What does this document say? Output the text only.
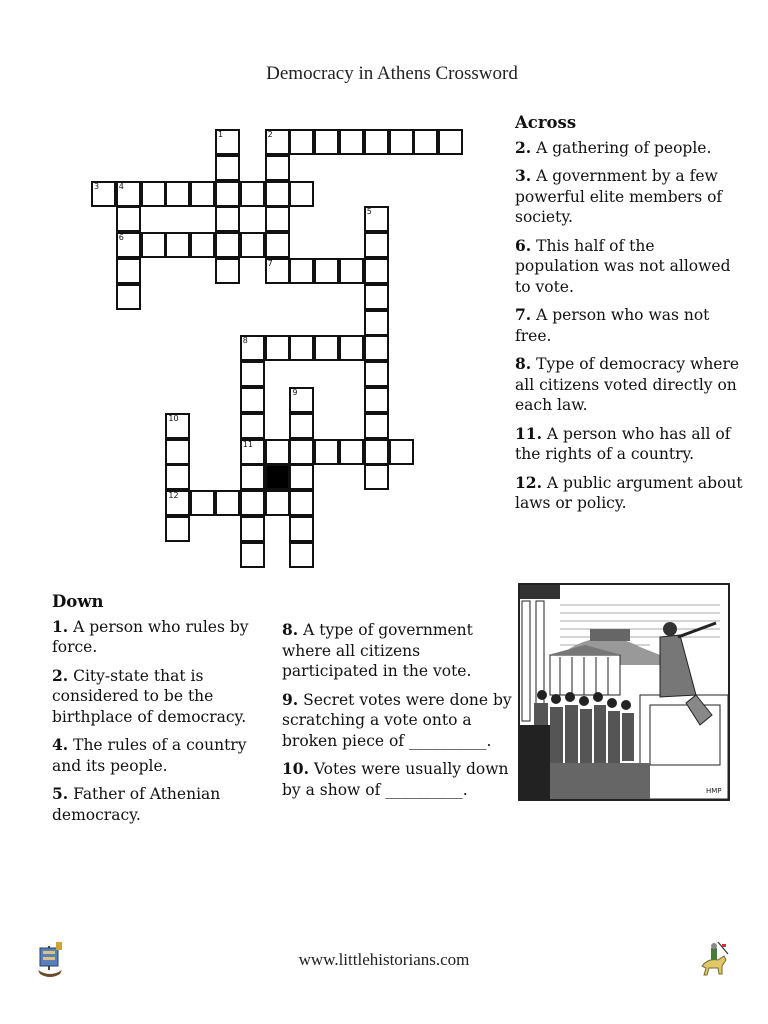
Democracy in Athens Crossword
1	2
7
3 4
6
5
8
11
9
10
12
Across
2. A gathering of people.
3. A government by a few powerful elite members of society.
6. This half of the population was not allowed to vote.
7. A person who was not free.
8. Type of democracy where all citizens voted directly on each law.
11. A person who has all of the rights of a country.
12. A public argument about laws or policy.
Down
1. A person who rules by force.
2. City-state that is considered to be the birthplace of democracy.
4. The rules of a country and its people.
5. Father of Athenian democracy.
8. A type of government where all citizens participated in the vote.
9. Secret votes were done by scratching a vote onto a broken piece of __________.
10. Votes were usually down by a show of __________.	HMP
www.littlehistorians.com
